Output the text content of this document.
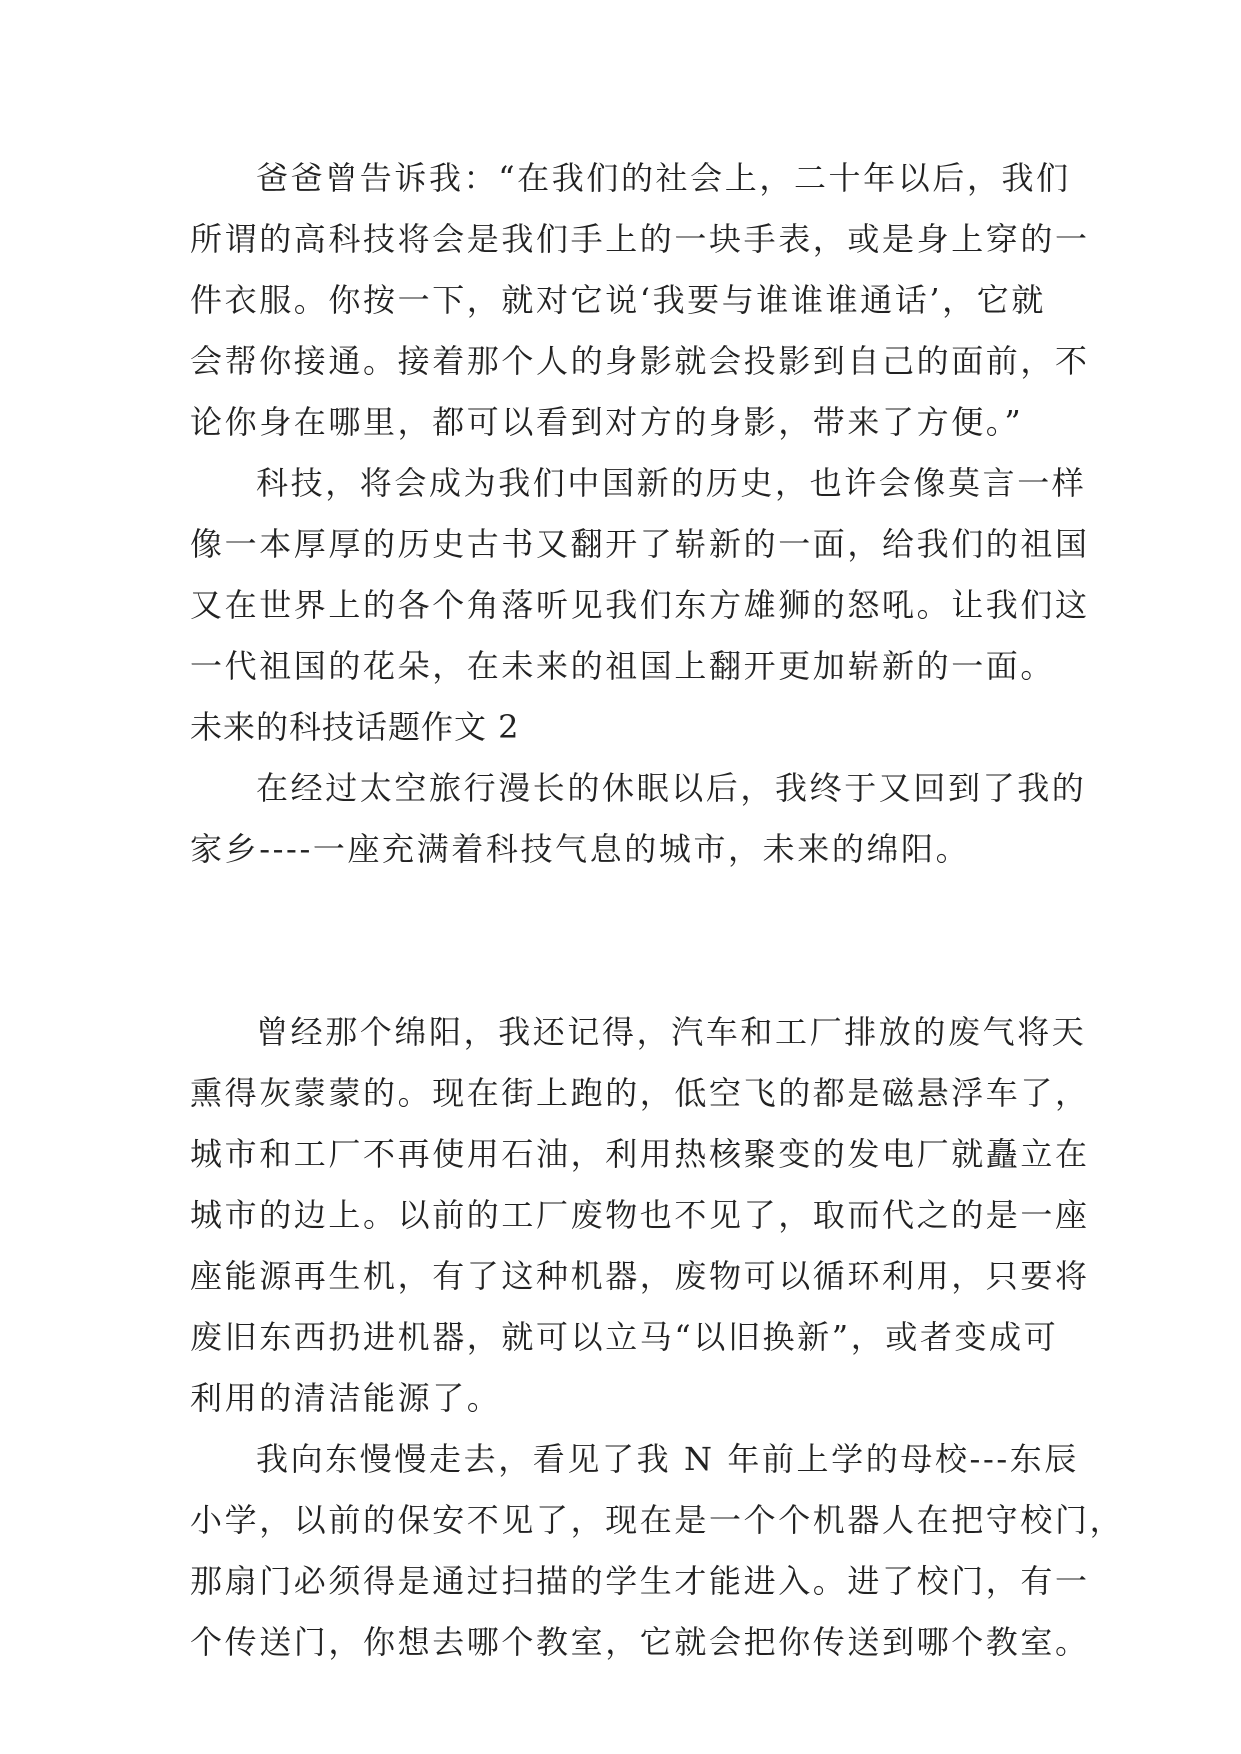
爸爸曾告诉我：“在我们的社会上，二十年以后，我们
所谓的高科技将会是我们手上的一块手表，或是身上穿的一
件衣服。你按一下，就对它说‘我要与谁谁谁通话’，它就
会帮你接通。接着那个人的身影就会投影到自己的面前，不
论你身在哪里，都可以看到对方的身影，带来了方便。”
科技，将会成为我们中国新的历史，也许会像莫言一样
像一本厚厚的历史古书又翻开了崭新的一面，给我们的祖国
又在世界上的各个角落听见我们东方雄狮的怒吼。让我们这
一代祖国的花朵，在未来的祖国上翻开更加崭新的一面。
未来的科技话题作文 2
在经过太空旅行漫长的休眠以后，我终于又回到了我的
家乡----一座充满着科技气息的城市，未来的绵阳。
曾经那个绵阳，我还记得，汽车和工厂排放的废气将天
熏得灰蒙蒙的。现在街上跑的，低空飞的都是磁悬浮车了，
城市和工厂不再使用石油，利用热核聚变的发电厂就矗立在
城市的边上。以前的工厂废物也不见了，取而代之的是一座
座能源再生机，有了这种机器，废物可以循环利用，只要将
废旧东西扔进机器，就可以立马“以旧换新”，或者变成可
利用的清洁能源了。
我向东慢慢走去，看见了我 N 年前上学的母校---东辰
小学，以前的保安不见了，现在是一个个机器人在把守校门，
那扇门必须得是通过扫描的学生才能进入。进了校门，有一
个传送门，你想去哪个教室，它就会把你传送到哪个教室。
